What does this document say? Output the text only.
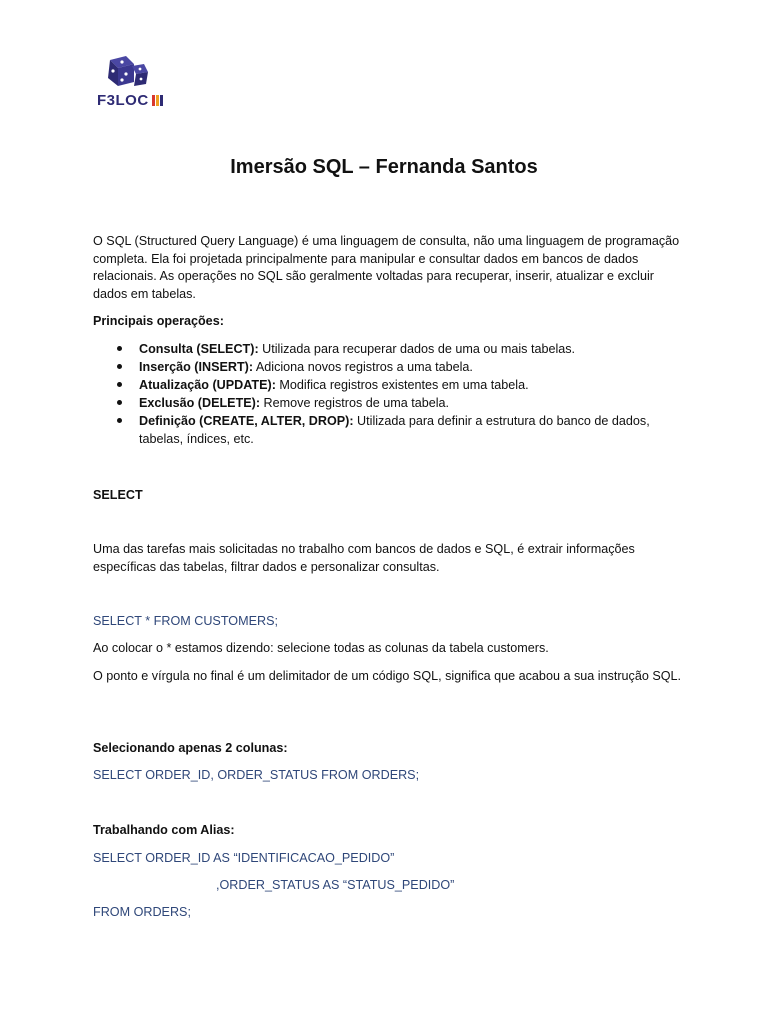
F3LOC
Imersão SQL – Fernanda Santos

O SQL (Structured Query Language) é uma linguagem de consulta, não uma linguagem de programação completa. Ela foi projetada principalmente para manipular e consultar dados em bancos de dados relacionais. As operações no SQL são geralmente voltadas para recuperar, inserir, atualizar e excluir dados em tabelas.

Principais operações:

Consulta (SELECT): Utilizada para recuperar dados de uma ou mais tabelas.
Inserção (INSERT): Adiciona novos registros a uma tabela.
Atualização (UPDATE): Modifica registros existentes em uma tabela.
Exclusão (DELETE): Remove registros de uma tabela.
Definição (CREATE, ALTER, DROP): Utilizada para definir a estrutura do banco de dados, tabelas, índices, etc.

SELECT

Uma das tarefas mais solicitadas no trabalho com bancos de dados e SQL, é extrair informações específicas das tabelas, filtrar dados e personalizar consultas.

SELECT * FROM CUSTOMERS;

Ao colocar o * estamos dizendo: selecione todas as colunas da tabela customers.

O ponto e vírgula no final é um delimitador de um código SQL, significa que acabou a sua instrução SQL.

Selecionando apenas 2 colunas:

SELECT ORDER_ID, ORDER_STATUS FROM ORDERS;

Trabalhando com Alias:

SELECT ORDER_ID AS “IDENTIFICACAO_PEDIDO”

,ORDER_STATUS AS “STATUS_PEDIDO”

FROM ORDERS;
